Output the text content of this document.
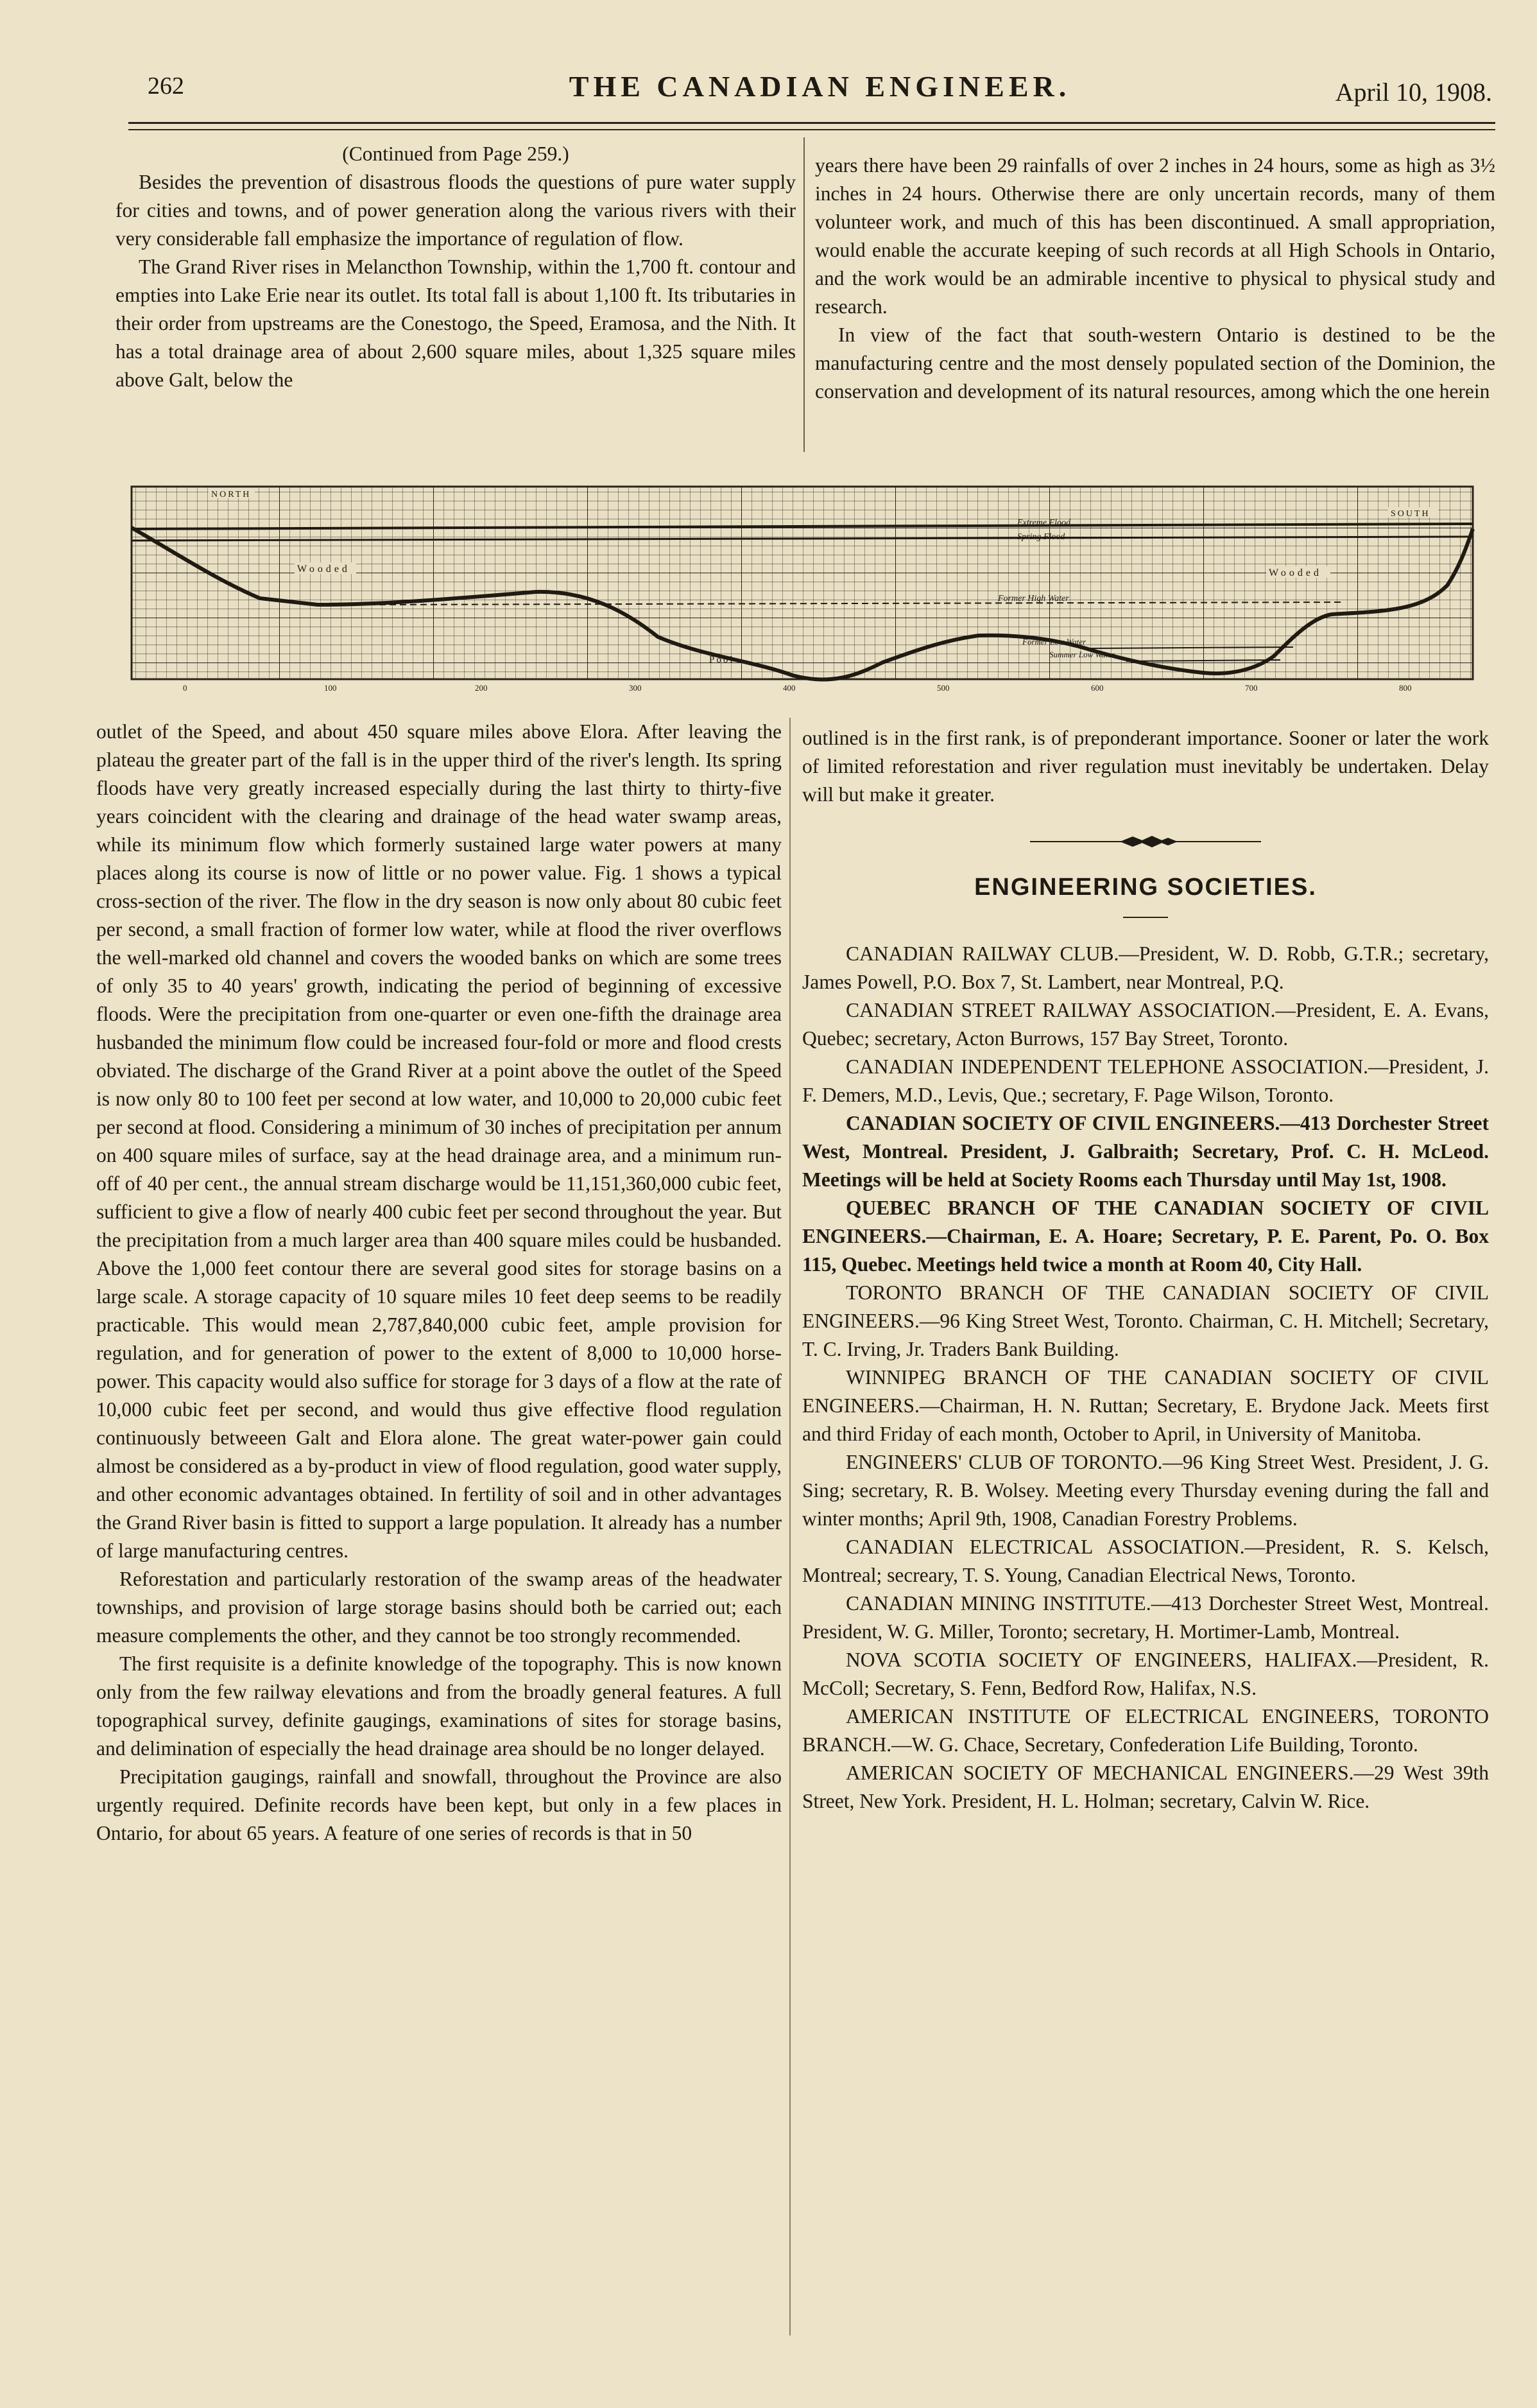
262	THE CANADIAN ENGINEER.	April 10, 1908.

(Continued from Page 259.)

Besides the prevention of disastrous floods the questions of pure water supply for cities and towns, and of power generation along the various rivers with their very considerable fall emphasize the importance of regulation of flow.

The Grand River rises in Melancthon Township, within the 1,700 ft. contour and empties into Lake Erie near its outlet. Its total fall is about 1,100 ft. Its tributaries in their order from upstreams are the Conestogo, the Speed, Eramosa, and the Nith. It has a total drainage area of about 2,600 square miles, about 1,325 square miles above Galt, below the

years there have been 29 rainfalls of over 2 inches in 24 hours, some as high as 3½ inches in 24 hours. Otherwise there are only uncertain records, many of them volunteer work, and much of this has been discontinued. A small appropriation, would enable the accurate keeping of such records at all High Schools in Ontario, and the work would be an admirable incentive to physical to physical study and research.

In view of the fact that south-western Ontario is destined to be the manufacturing centre and the most densely populated section of the Dominion, the conservation and development of its natural resources, among which the one herein

NORTH
SOUTH
Wooded	Wooded
Extreme Flood
Spring Flood
Former High Water
Former Low Water
Summer Low Water
Pool
0	100	200	300	400	500	600	700	800

outlet of the Speed, and about 450 square miles above Elora. After leaving the plateau the greater part of the fall is in the upper third of the river's length. Its spring floods have very greatly increased especially during the last thirty to thirty-five years coincident with the clearing and drainage of the head water swamp areas, while its minimum flow which formerly sustained large water powers at many places along its course is now of little or no power value. Fig. 1 shows a typical cross-section of the river. The flow in the dry season is now only about 80 cubic feet per second, a small fraction of former low water, while at flood the river overflows the well-marked old channel and covers the wooded banks on which are some trees of only 35 to 40 years' growth, indicating the period of beginning of excessive floods. Were the precipitation from one-quarter or even one-fifth the drainage area husbanded the minimum flow could be increased four-fold or more and flood crests obviated. The discharge of the Grand River at a point above the outlet of the Speed is now only 80 to 100 feet per second at low water, and 10,000 to 20,000 cubic feet per second at flood. Considering a minimum of 30 inches of precipitation per annum on 400 square miles of surface, say at the head drainage area, and a minimum run-off of 40 per cent., the annual stream discharge would be 11,151,360,000 cubic feet, sufficient to give a flow of nearly 400 cubic feet per second throughout the year. But the precipitation from a much larger area than 400 square miles could be husbanded. Above the 1,000 feet contour there are several good sites for storage basins on a large scale. A storage capacity of 10 square miles 10 feet deep seems to be readily practicable. This would mean 2,787,840,000 cubic feet, ample provision for regulation, and for generation of power to the extent of 8,000 to 10,000 horse-power. This capacity would also suffice for storage for 3 days of a flow at the rate of 10,000 cubic feet per second, and would thus give effective flood regulation continuously betweeen Galt and Elora alone. The great water-power gain could almost be considered as a by-product in view of flood regulation, good water supply, and other economic advantages obtained. In fertility of soil and in other advantages the Grand River basin is fitted to support a large population. It already has a number of large manufacturing centres.

Reforestation and particularly restoration of the swamp areas of the headwater townships, and provision of large storage basins should both be carried out; each measure complements the other, and they cannot be too strongly recommended.

The first requisite is a definite knowledge of the topography. This is now known only from the few railway elevations and from the broadly general features. A full topographical survey, definite gaugings, examinations of sites for storage basins, and delimination of especially the head drainage area should be no longer delayed.

Precipitation gaugings, rainfall and snowfall, throughout the Province are also urgently required. Definite records have been kept, but only in a few places in Ontario, for about 65 years. A feature of one series of records is that in 50

outlined is in the first rank, is of preponderant importance. Sooner or later the work of limited reforestation and river regulation must inevitably be undertaken. Delay will but make it greater.

ENGINEERING SOCIETIES.

CANADIAN RAILWAY CLUB.—President, W. D. Robb, G.T.R.; secretary, James Powell, P.O. Box 7, St. Lambert, near Montreal, P.Q.

CANADIAN STREET RAILWAY ASSOCIATION.—President, E. A. Evans, Quebec; secretary, Acton Burrows, 157 Bay Street, Toronto.

CANADIAN INDEPENDENT TELEPHONE ASSOCIATION.—President, J. F. Demers, M.D., Levis, Que.; secretary, F. Page Wilson, Toronto.

CANADIAN SOCIETY OF CIVIL ENGINEERS.—413 Dorchester Street West, Montreal. President, J. Galbraith; Secretary, Prof. C. H. McLeod. Meetings will be held at Society Rooms each Thursday until May 1st, 1908.

QUEBEC BRANCH OF THE CANADIAN SOCIETY OF CIVIL ENGINEERS.—Chairman, E. A. Hoare; Secretary, P. E. Parent, Po. O. Box 115, Quebec. Meetings held twice a month at Room 40, City Hall.

TORONTO BRANCH OF THE CANADIAN SOCIETY OF CIVIL ENGINEERS.—96 King Street West, Toronto. Chairman, C. H. Mitchell; Secretary, T. C. Irving, Jr. Traders Bank Building.

WINNIPEG BRANCH OF THE CANADIAN SOCIETY OF CIVIL ENGINEERS.—Chairman, H. N. Ruttan; Secretary, E. Brydone Jack. Meets first and third Friday of each month, October to April, in University of Manitoba.

ENGINEERS' CLUB OF TORONTO.—96 King Street West. President, J. G. Sing; secretary, R. B. Wolsey. Meeting every Thursday evening during the fall and winter months; April 9th, 1908, Canadian Forestry Problems.

CANADIAN ELECTRICAL ASSOCIATION.—President, R. S. Kelsch, Montreal; secreary, T. S. Young, Canadian Electrical News, Toronto.

CANADIAN MINING INSTITUTE.—413 Dorchester Street West, Montreal. President, W. G. Miller, Toronto; secretary, H. Mortimer-Lamb, Montreal.

NOVA SCOTIA SOCIETY OF ENGINEERS, HALIFAX.—President, R. McColl; Secretary, S. Fenn, Bedford Row, Halifax, N.S.

AMERICAN INSTITUTE OF ELECTRICAL ENGINEERS, TORONTO BRANCH.—W. G. Chace, Secretary, Confederation Life Building, Toronto.

AMERICAN SOCIETY OF MECHANICAL ENGINEERS.—29 West 39th Street, New York. President, H. L. Holman; secretary, Calvin W. Rice.
